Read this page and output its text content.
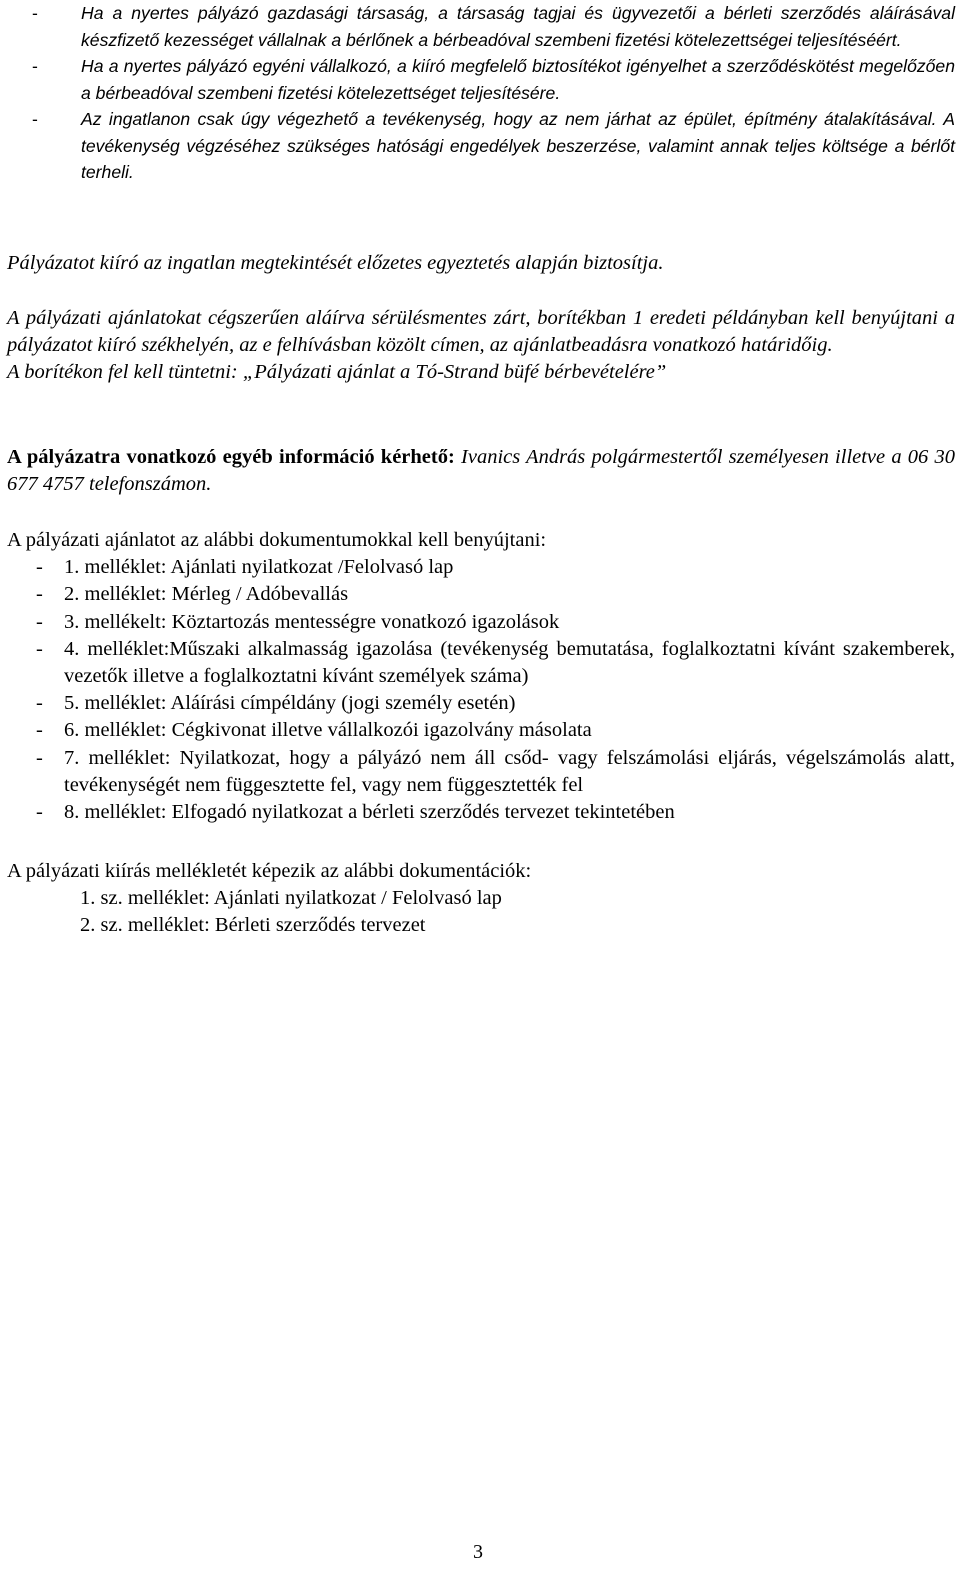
- Ha a nyertes pályázó gazdasági társaság, a társaság tagjai és ügyvezetői a bérleti szerződés aláírásával készfizető kezességet vállalnak a bérlőnek a bérbeadóval szembeni fizetési kötelezettségei teljesítéséért.
- Ha a nyertes pályázó egyéni vállalkozó, a kiíró megfelelő biztosítékot igényelhet a szerződéskötést megelőzően a bérbeadóval szembeni fizetési kötelezettséget teljesítésére.
- Az ingatlanon csak úgy végezhető a tevékenység, hogy az nem járhat az épület, építmény átalakításával. A tevékenység végzéséhez szükséges hatósági engedélyek beszerzése, valamint annak teljes költsége a bérlőt terheli.
Pályázatot kiíró az ingatlan megtekintését előzetes egyeztetés alapján biztosítja.
A pályázati ajánlatokat cégszerűen aláírva sérülésmentes zárt, borítékban 1 eredeti példányban kell benyújtani a pályázatot kiíró székhelyén, az e felhívásban közölt címen, az ajánlatbeadásra vonatkozó határidőig.
A borítékon fel kell tüntetni: „Pályázati ajánlat a Tó-Strand büfé bérbevételére”
A pályázatra vonatkozó egyéb információ kérhető: Ivanics András polgármestertől személyesen illetve a 06 30 677 4757 telefonszámon.
A pályázati ajánlatot az alábbi dokumentumokkal kell benyújtani:
- 1. melléklet: Ajánlati nyilatkozat /Felolvasó lap
- 2. melléklet: Mérleg / Adóbevallás
- 3. mellékelt: Köztartozás mentességre vonatkozó igazolások
- 4. melléklet:Műszaki alkalmasság igazolása (tevékenység bemutatása, foglalkoztatni kívánt szakemberek, vezetők illetve a foglalkoztatni kívánt személyek száma)
- 5. melléklet: Aláírási címpéldány (jogi személy esetén)
- 6. melléklet: Cégkivonat illetve vállalkozói igazolvány másolata
- 7. melléklet: Nyilatkozat, hogy a pályázó nem áll csőd- vagy felszámolási eljárás, végelszámolás alatt, tevékenységét nem függesztette fel, vagy nem függesztették fel
- 8. melléklet: Elfogadó nyilatkozat a bérleti szerződés tervezet tekintetében
A pályázati kiírás mellékletét képezik az alábbi dokumentációk:
1. sz. melléklet: Ajánlati nyilatkozat / Felolvasó lap
2. sz. melléklet: Bérleti szerződés tervezet
3
